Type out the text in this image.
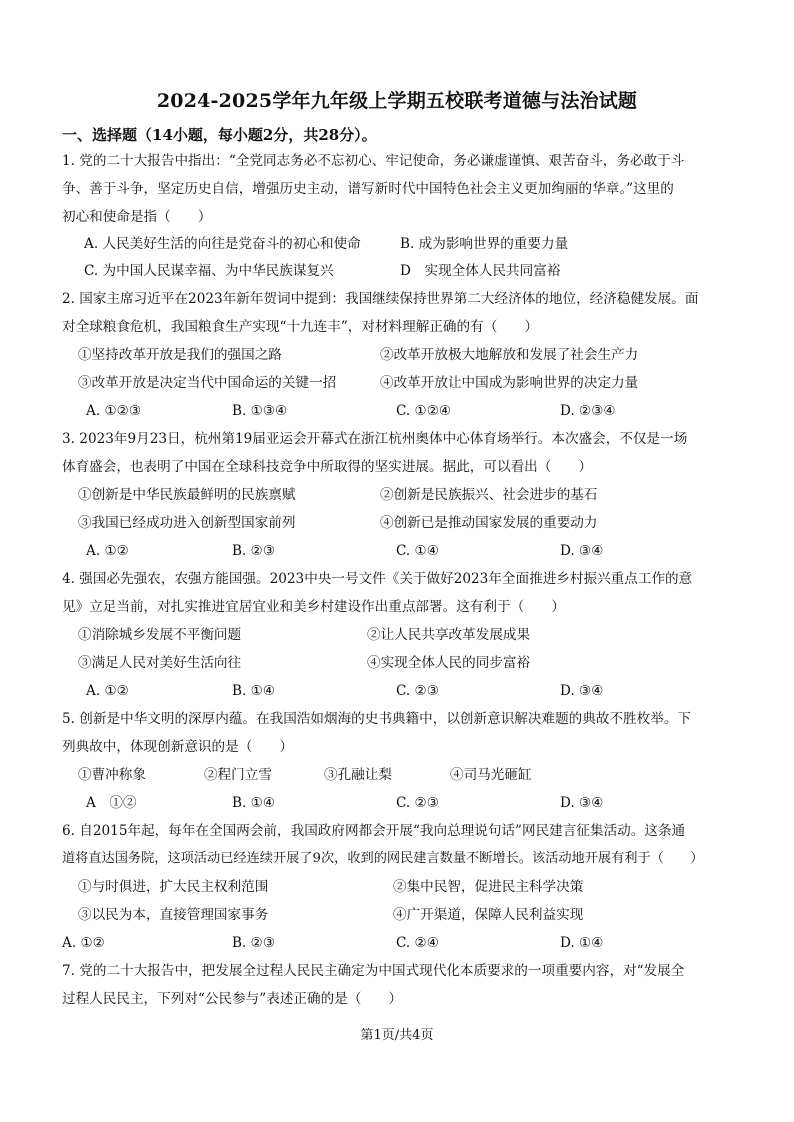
2024-2025学年九年级上学期五校联考道德与法治试题
一、选择题（14小题，每小题2分，共28分）。
1. 党的二十大报告中指出：“全党同志务必不忘初心、牢记使命，务必谦虚谨慎、艰苦奋斗，务必敢于斗
争、善于斗争，坚定历史自信，增强历史主动，谱写新时代中国特色社会主义更加绚丽的华章。”这里的
初心和使命是指（　　）
A. 人民美好生活的向往是党奋斗的初心和使命	B. 成为影响世界的重要力量
C. 为中国人民谋幸福、为中华民族谋复兴	D　实现全体人民共同富裕
2. 国家主席习近平在2023年新年贺词中提到：我国继续保持世界第二大经济体的地位，经济稳健发展。面
对全球粮食危机，我国粮食生产实现“十九连丰”，对材料理解正确的有（　　）
①坚持改革开放是我们的强国之路	②改革开放极大地解放和发展了社会生产力
③改革开放是决定当代中国命运的关键一招	④改革开放让中国成为影响世界的决定力量
A. ①②③	B. ①③④	C. ①②④	D. ②③④
3. 2023年9月23日，杭州第19届亚运会开幕式在浙江杭州奥体中心体育场举行。本次盛会，不仅是一场
体育盛会，也表明了中国在全球科技竞争中所取得的坚实进展。据此，可以看出（　　）
①创新是中华民族最鲜明的民族禀赋	②创新是民族振兴、社会进步的基石
③我国已经成功进入创新型国家前列	④创新已是推动国家发展的重要动力
A. ①②	B. ②③	C. ①④	D. ③④
4. 强国必先强农，农强方能国强。2023中央一号文件《关于做好2023年全面推进乡村振兴重点工作的意
见》立足当前，对扎实推进宜居宜业和美乡村建设作出重点部署。这有利于（　　）
①消除城乡发展不平衡问题	②让人民共享改革发展成果
③满足人民对美好生活向往	④实现全体人民的同步富裕
A. ①②	B. ①④	C. ②③	D. ③④
5. 创新是中华文明的深厚内蕴。在我国浩如烟海的史书典籍中，以创新意识解决难题的典故不胜枚举。下
列典故中，体现创新意识的是（　　）
①曹冲称象	②程门立雪	③孔融让梨	④司马光砸缸
A　①②	B. ①④	C. ②③	D. ③④
6. 自2015年起，每年在全国两会前，我国政府网都会开展“我向总理说句话”网民建言征集活动。这条通
道将直达国务院，这项活动已经连续开展了9次，收到的网民建言数量不断增长。该活动地开展有利于（　　）
①与时俱进，扩大民主权利范围	②集中民智，促进民主科学决策
③以民为本，直接管理国家事务	④广开渠道，保障人民利益实现
A. ①②	B. ②③	C. ②④	D. ①④
7. 党的二十大报告中，把发展全过程人民民主确定为中国式现代化本质要求的一项重要内容，对“发展全
过程人民民主，下列对“公民参与”表述正确的是（　　）
第1页/共4页
